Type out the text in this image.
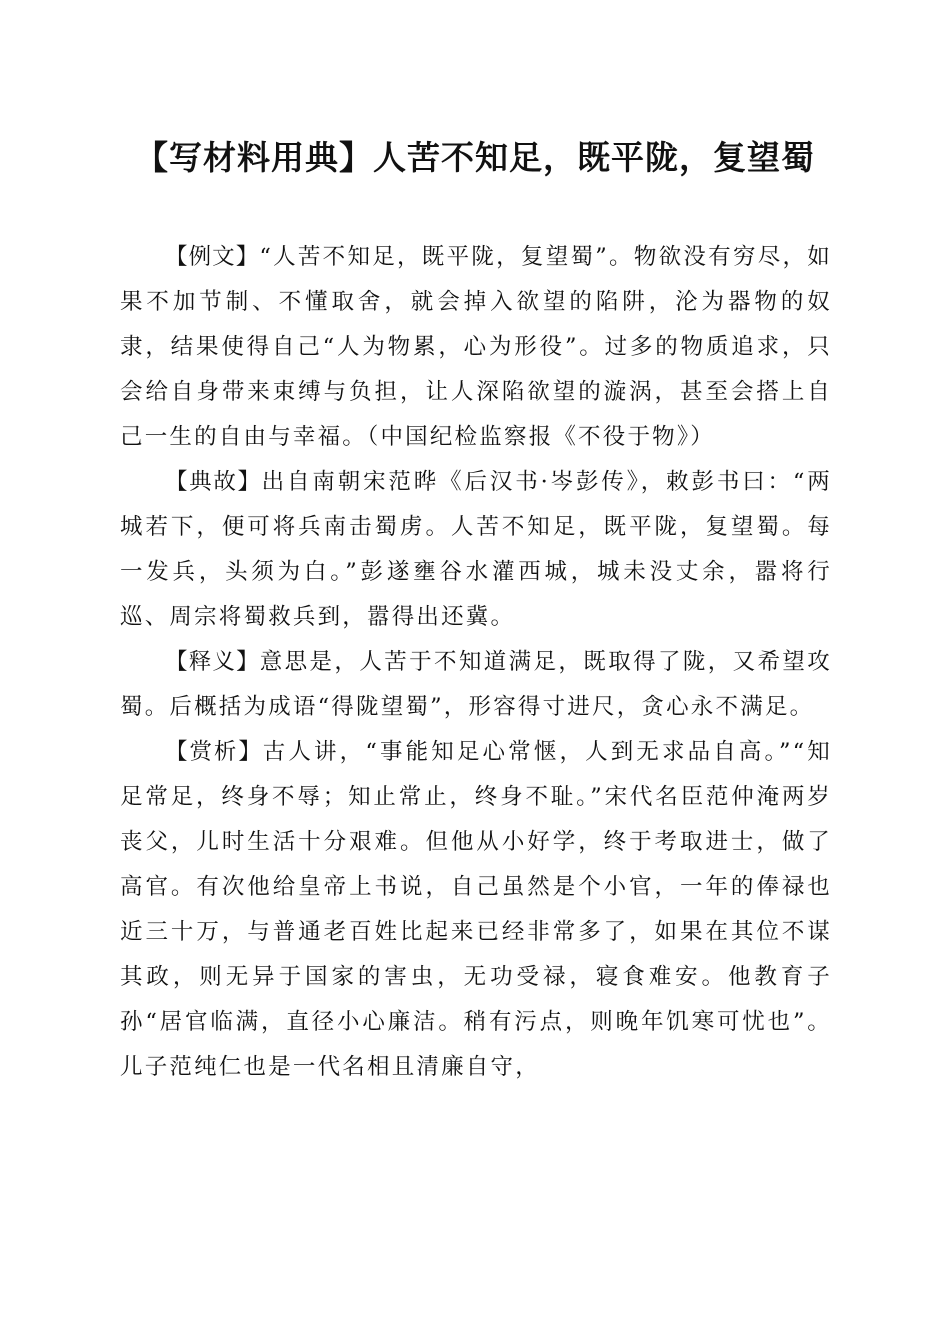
【写材料用典】人苦不知足，既平陇，复望蜀

【例文】“人苦不知足，既平陇，复望蜀”。物欲没有穷尽，如果不加节制、不懂取舍，就会掉入欲望的陷阱，沦为器物的奴隶，结果使得自己“人为物累，心为形役”。过多的物质追求，只会给自身带来束缚与负担，让人深陷欲望的漩涡，甚至会搭上自己一生的自由与幸福。（中国纪检监察报《不役于物》）

【典故】出自南朝宋范晔《后汉书·岑彭传》，敕彭书曰：“两城若下，便可将兵南击蜀虏。人苦不知足，既平陇，复望蜀。每一发兵，头须为白。”彭遂壅谷水灌西城，城未没丈余，嚣将行巡、周宗将蜀救兵到，嚣得出还冀。

【释义】意思是，人苦于不知道满足，既取得了陇，又希望攻蜀。后概括为成语“得陇望蜀”，形容得寸进尺，贪心永不满足。

【赏析】古人讲，“事能知足心常惬，人到无求品自高。”“知足常足，终身不辱；知止常止，终身不耻。”宋代名臣范仲淹两岁丧父，儿时生活十分艰难。但他从小好学，终于考取进士，做了高官。有次他给皇帝上书说，自己虽然是个小官，一年的俸禄也近三十万，与普通老百姓比起来已经非常多了，如果在其位不谋其政，则无异于国家的害虫，无功受禄，寝食难安。他教育子孙“居官临满，直径小心廉洁。稍有污点，则晚年饥寒可忧也”。儿子范纯仁也是一代名相且清廉自守，
